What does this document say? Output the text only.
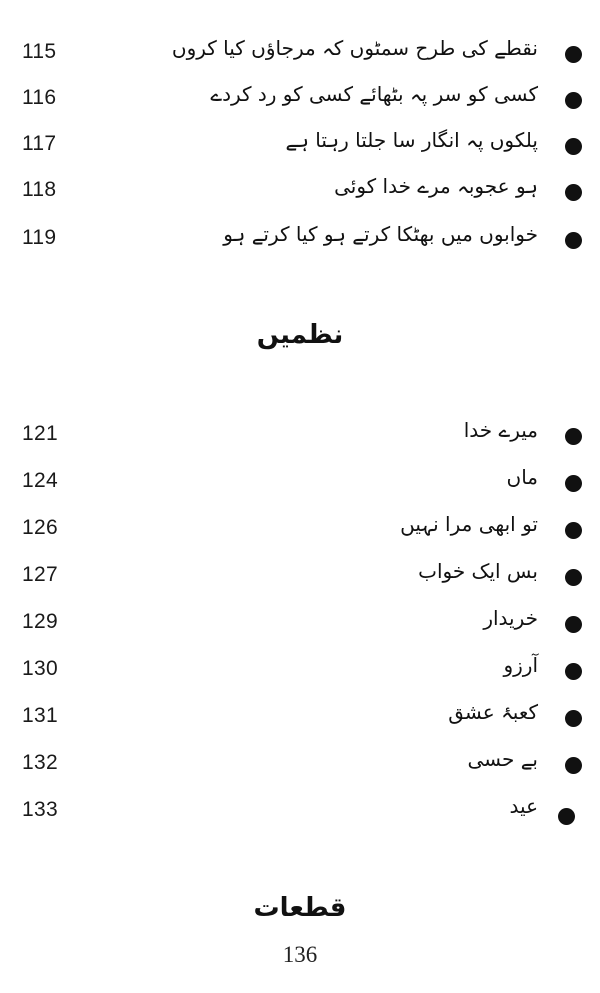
115	نقطے کی طرح سمٹوں کہ مرجاؤں کیا کروں
116	کسی کو سر پہ بٹھائے کسی کو رد کردے
117	پلکوں پہ انگار سا جلتا رہتا ہے
118	ہو عجوبہ مرے خدا کوئی
119	خوابوں میں بھٹکا کرتے ہو کیا کرتے ہو
نظمیں
121	میرے خدا
124	ماں
126	تو ابھی مرا نہیں
127	بس ایک خواب
129	خریدار
130	آرزو
131	کعبۂ عشق
132	بے حسی
133	عید
قطعات
136
